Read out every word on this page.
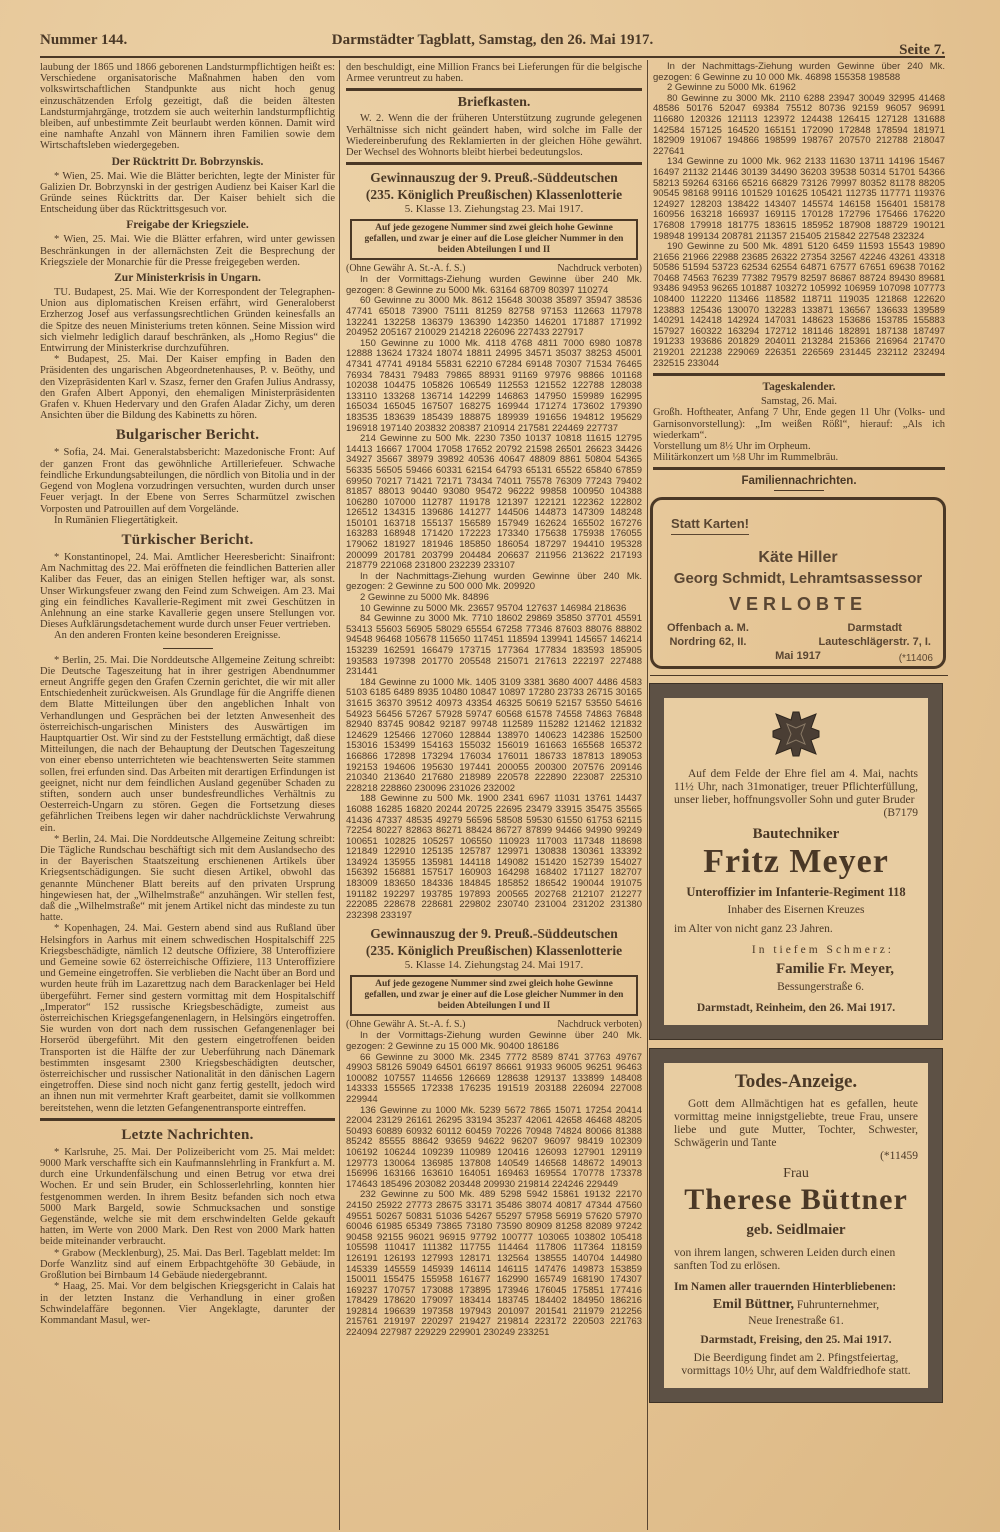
Nummer 144.	Darmstädter Tagblatt, Samstag, den 26. Mai 1917.
Seite 7.

laubung der 1865 und 1866 geborenen Landsturmpflichtigen heißt es: Verschiedene organisatorische Maßnahmen haben den vom volkswirtschaftlichen Standpunkte aus nicht hoch genug einzuschätzenden Erfolg gezeitigt, daß die beiden ältesten Landsturmjahrgänge, trotzdem sie auch weiterhin landsturmpflichtig bleiben, auf unbestimmte Zeit beurlaubt werden können. Damit wird eine namhafte Anzahl von Männern ihren Familien sowie dem Wirtschaftsleben wiedergegeben.

Der Rücktritt Dr. Bobrzynskis.

* Wien, 25. Mai. Wie die Blätter berichten, legte der Minister für Galizien Dr. Bobrzynski in der gestrigen Audienz bei Kaiser Karl die Gründe seines Rücktritts dar. Der Kaiser behielt sich die Entscheidung über das Rücktrittsgesuch vor.

Freigabe der Kriegsziele.

* Wien, 25. Mai. Wie die Blätter erfahren, wird unter gewissen Beschränkungen in der allernächsten Zeit die Besprechung der Kriegsziele der Monarchie für die Presse freigegeben werden.

Zur Ministerkrisis in Ungarn.

TU. Budapest, 25. Mai. Wie der Korrespondent der Telegraphen-Union aus diplomatischen Kreisen erfährt, wird Generaloberst Erzherzog Josef aus verfassungsrechtlichen Gründen keinesfalls an die Spitze des neuen Ministeriums treten können. Seine Mission wird sich vielmehr lediglich darauf beschränken, als „Homo Regius“ die Entwirrung der Ministerkrise durchzuführen.

* Budapest, 25. Mai. Der Kaiser empfing in Baden den Präsidenten des ungarischen Abgeordnetenhauses, P. v. Beöthy, und den Vizepräsidenten Karl v. Szasz, ferner den Grafen Julius Andrassy, den Grafen Albert Apponyi, den ehemaligen Ministerpräsidenten Grafen v. Khuen Hedervary und den Grafen Aladar Zichy, um deren Ansichten über die Bildung des Kabinetts zu hören.

Bulgarischer Bericht.

* Sofia, 24. Mai. Generalstabsbericht: Mazedonische Front: Auf der ganzen Front das gewöhnliche Artilleriefeuer. Schwache feindliche Erkundungsabteilungen, die nördlich von Bitolia und in der Gegend von Moglena vorzudringen versuchten, wurden durch unser Feuer verjagt. In der Ebene von Serres Scharmützel zwischen Vorposten und Patrouillen auf dem Vorgelände.

In Rumänien Fliegertätigkeit.

Türkischer Bericht.

* Konstantinopel, 24. Mai. Amtlicher Heeresbericht: Sinaifront: Am Nachmittag des 22. Mai eröffneten die feindlichen Batterien aller Kaliber das Feuer, das an einigen Stellen heftiger war, als sonst. Unser Wirkungsfeuer zwang den Feind zum Schweigen. Am 23. Mai ging ein feindliches Kavallerie-Regiment mit zwei Geschützen in Anlehnung an eine starke Kavallerie gegen unsere Stellungen vor. Dieses Aufklärungsdetachement wurde durch unser Feuer vertrieben.

An den anderen Fronten keine besonderen Ereignisse.

* Berlin, 25. Mai. Die Norddeutsche Allgemeine Zeitung schreibt: Die Deutsche Tageszeitung hat in ihrer gestrigen Abendnummer erneut Angriffe gegen den Grafen Czernin gerichtet, die wir mit aller Entschiedenheit zurückweisen. Als Grundlage für die Angriffe dienen dem Blatte Mitteilungen über den angeblichen Inhalt von Verhandlungen und Gesprächen bei der letzten Anwesenheit des österreichisch-ungarischen Ministers des Auswärtigen im Hauptquartier Ost. Wir sind zu der Feststellung ermächtigt, daß diese Mitteilungen, die nach der Behauptung der Deutschen Tageszeitung von einer ebenso unterrichteten wie beachtenswerten Seite stammen sollen, frei erfunden sind. Das Arbeiten mit derartigen Erfindungen ist geeignet, nicht nur dem feindlichen Ausland gegenüber Schaden zu stiften, sondern auch unser bundesfreundliches Verhältnis zu Oesterreich-Ungarn zu stören. Gegen die Fortsetzung dieses gefährlichen Treibens legen wir daher nachdrücklichste Verwahrung ein.

* Berlin, 24. Mai. Die Norddeutsche Allgemeine Zeitung schreibt: Die Tägliche Rundschau beschäftigt sich mit dem Auslandsecho des in der Bayerischen Staatszeitung erschienenen Artikels über Kriegsentschädigungen. Sie sucht diesen Artikel, obwohl das genannte Münchener Blatt bereits auf den privaten Ursprung hingewiesen hat, der „Wilhelmstraße“ anzuhängen. Wir stellen fest, daß die „Wilhelmstraße“ mit jenem Artikel nicht das mindeste zu tun hatte.

* Kopenhagen, 24. Mai. Gestern abend sind aus Rußland über Helsingfors in Aarhus mit einem schwedischen Hospitalschiff 225 Kriegsbeschädigte, nämlich 12 deutsche Offiziere, 38 Unteroffiziere und Gemeine sowie 62 österreichische Offiziere, 113 Unteroffiziere und Gemeine eingetroffen. Sie verblieben die Nacht über an Bord und wurden heute früh im Lazarettzug nach dem Barackenlager bei Held übergeführt. Ferner sind gestern vormittag mit dem Hospitalschiff „Imperator“ 152 russische Kriegsbeschädigte, zumeist aus österreichischen Kriegsgefangenenlagern, in Helsingörs eingetroffen. Sie wurden von dort nach dem russischen Gefangenenlager bei Horseröd übergeführt. Mit den gestern eingetroffenen beiden Transporten ist die Hälfte der zur Ueberführung nach Dänemark bestimmten insgesamt 2300 Kriegsbeschädigten deutscher, österreichischer und russischer Nationalität in den dänischen Lagern eingetroffen. Diese sind noch nicht ganz fertig gestellt, jedoch wird an ihnen nun mit vermehrter Kraft gearbeitet, damit sie vollkommen bereitstehen, wenn die letzten Gefangenentransporte eintreffen.

Letzte Nachrichten.

* Karlsruhe, 25. Mai. Der Polizeibericht vom 25. Mai meldet: 9000 Mark verschaffte sich ein Kaufmannslehrling in Frankfurt a. M. durch eine Urkundenfälschung und einen Betrug vor etwa drei Wochen. Er und sein Bruder, ein Schlosserlehrling, konnten hier festgenommen werden. In ihrem Besitz befanden sich noch etwa 5000 Mark Bargeld, sowie Schmucksachen und sonstige Gegenstände, welche sie mit dem erschwindelten Gelde gekauft hatten, im Werte von 2000 Mark. Den Rest von 2000 Mark hatten beide miteinander verbraucht.

* Grabow (Mecklenburg), 25. Mai. Das Berl. Tageblatt meldet: Im Dorfe Wanzlitz sind auf einem Erbpachtgehöfte 30 Gebäude, in Großlution bei Birnbaum 14 Gebäude niedergebrannt.

* Haag, 25. Mai. Vor dem belgischen Kriegsgericht in Calais hat in der letzten Instanz die Verhandlung in einer großen Schwindelaffäre begonnen. Vier Angeklagte, darunter der Kommandant Masul, wer-

den beschuldigt, eine Million Francs bei Lieferungen für die belgische Armee veruntreut zu haben.

Briefkasten.

W. 2. Wenn die der früheren Unterstützung zugrunde gelegenen Verhältnisse sich nicht geändert haben, wird solche im Falle der Wiedereinberufung des Reklamierten in der gleichen Höhe gewährt. Der Wechsel des Wohnorts bleibt hierbei bedeutungslos.

Gewinnauszug der 9. Preuß.-Süddeutschen
(235. Königlich Preußischen) Klassenlotterie
5. Klasse 13. Ziehungstag 23. Mai 1917.
Auf jede gezogene Nummer sind zwei gleich hohe Gewinne gefallen, und zwar je einer auf die Lose gleicher Nummer in den beiden Abteilungen I und II
(Ohne Gewähr A. St.-A. f. S.)	Nachdruck verboten)

In der Vormittags-Ziehung wurden Gewinne über 240 Mk. gezogen: 8 Gewinne zu 5000 Mk. 63164 68709 80397 110274

60 Gewinne zu 3000 Mk. 8612 15648 30038 35897 35947 38536 47741 65018 73900 75111 81259 82758 97153 112663 117978 132241 132258 136379 136390 142350 146201 171887 171992 204952 205167 210029 214218 226096 227433 227917

150 Gewinne zu 1000 Mk. 4118 4768 4811 7000 6980 10878 12888 13624 17324 18074 18811 24995 34571 35037 38253 45001 47341 47741 49184 55831 62210 67284 69148 70307 71534 76465 76934 78431 79483 79865 88931 91169 97976 98866 101168 102038 104475 105826 106549 112553 121552 122788 128038 133110 133268 136714 142299 146863 147950 159989 162995 165034 165045 167507 168275 169944 171274 173602 179390 183535 183639 185439 188875 189939 191656 194812 195629 196918 197140 203832 208387 210914 217581 224469 227737

214 Gewinne zu 500 Mk. 2230 7350 10137 10818 11615 12795 14413 16667 17004 17058 17652 20792 21598 26501 26623 34426 34927 35667 38979 39892 40536 40647 48809 8861 50804 54365 56335 56505 59466 60331 62154 64793 65131 65522 65840 67859 69950 70217 71421 72171 73434 74011 75578 76309 77243 79402 81857 88013 90440 93080 95472 96222 99858 100950 104388 106280 107000 112787 119178 121397 122121 122362 122802 126512 134315 139686 141277 144506 144873 147309 148248 150101 163718 155137 156589 157949 162624 165502 167276 163283 168948 171420 172223 173340 175638 175938 176055 179062 181927 181946 185850 186054 187297 194410 195328 200099 201781 203799 204484 206637 211956 213622 217193 218779 221068 231800 232239 233107

In der Nachmittags-Ziehung wurden Gewinne über 240 Mk. gezogen: 2 Gewinne zu 500 000 Mk. 209920

2 Gewinne zu 5000 Mk. 84896

10 Gewinne zu 5000 Mk. 23657 95704 127637 146984 218636

84 Gewinne zu 3000 Mk. 7710 18602 29869 35850 37701 45591 53413 55603 56905 58029 65554 67258 77346 87603 88076 88802 94548 96468 105678 115650 117451 118594 139941 145657 146214 153239 162591 166479 173715 177364 177834 183593 185905 193583 197398 201770 205548 215071 217613 222197 227488 231441

184 Gewinne zu 1000 Mk. 1405 3109 3381 3680 4007 4486 4583 5103 6185 6489 8935 10480 10847 10897 17280 23733 26715 30165 31615 36370 39512 40973 43354 46325 50619 52157 53550 54616 54923 56456 57267 57928 59747 60568 61578 74558 74863 76848 82940 83745 90842 92187 99748 112589 115282 121462 121832 124629 125466 127060 128844 138970 140623 142386 152500 153016 153499 154163 155032 156019 161663 165568 165372 166866 172898 173294 176034 176011 186733 187813 189053 192153 194606 195630 197441 200055 200300 207576 209146 210340 213640 217680 218989 220578 222890 223087 225310 228218 228860 230096 231026 232002

188 Gewinne zu 500 Mk. 1900 2341 6967 11031 13761 14437 16088 16285 16820 20244 20725 22695 23479 33915 35475 35565 41436 47337 48535 49279 56596 58508 59530 61550 61753 62115 72254 80227 82863 86271 88424 86727 87899 94466 94990 99249 100651 102825 105257 106550 110923 117003 117348 118698 121849 122910 125135 125787 129971 130838 130361 133392 134924 135955 135981 144118 149082 151420 152739 154027 156392 156881 157517 160903 164298 168402 171127 182707 183009 183650 184336 184845 185852 186542 190044 191075 191182 192297 193785 197893 200565 202768 212107 212277 222085 228678 228681 229802 230740 231004 231202 231380 232398 233197

Gewinnauszug der 9. Preuß.-Süddeutschen
(235. Königlich Preußischen) Klassenlotterie
5. Klasse 14. Ziehungstag 24. Mai 1917.
Auf jede gezogene Nummer sind zwei gleich hohe Gewinne gefallen, und zwar je einer auf die Lose gleicher Nummer in den beiden Abteilungen I und II
(Ohne Gewähr A. St.-A. f. S.)	Nachdruck verboten)

In der Vormittags-Ziehung wurden Gewinne über 240 Mk. gezogen: 2 Gewinne zu 15 000 Mk. 90400 186186

66 Gewinne zu 3000 Mk. 2345 7772 8589 8741 37763 49767 49903 58126 59049 64501 66197 86661 91933 96005 96251 96463 100082 107557 114656 126669 128638 129137 133899 148408 143333 155565 172338 176235 191519 203188 226094 227008 229944

136 Gewinne zu 1000 Mk. 5239 5672 7865 15071 17254 20414 22004 23129 26161 26295 33194 35237 42061 42658 46468 48205 50493 60889 60932 60112 60459 70226 70948 74824 80066 81388 85242 85555 88642 93659 94622 96207 96097 98419 102309 106192 106244 109239 110989 120416 126093 127901 129119 129773 130064 136985 137808 140549 146568 148672 149013 156996 163166 163610 164051 169463 169554 170778 173378 174643 185496 203082 203448 209930 219814 224246 229449

232 Gewinne zu 500 Mk. 489 5298 5942 15861 19132 22170 24150 25922 27773 28675 33171 35486 38074 40817 47344 47560 49551 50267 50831 51036 54267 55297 57958 56919 57620 57970 60046 61985 65349 73865 73180 73590 80909 81258 82089 97242 90458 92155 96021 96915 97792 100777 103065 103802 105418 105598 110417 111382 117755 114464 117806 117364 118159 126191 126193 127993 128171 132564 138555 140704 144980 145339 145559 145939 146114 146115 147476 149873 153859 150011 155475 155958 161677 162990 165749 168190 174307 169237 170757 173088 173895 173946 176045 175851 177416 178429 178620 179097 183414 183745 184402 184950 186216 192814 196639 197358 197943 201097 201541 211979 212256 215761 219197 220297 219427 219814 223172 220503 221763 224094 227987 229229 229901 230249 233251

In der Nachmittags-Ziehung wurden Gewinne über 240 Mk. gezogen: 6 Gewinne zu 10 000 Mk. 46898 155358 198588

2 Gewinne zu 5000 Mk. 61962

80 Gewinne zu 3000 Mk. 2110 6288 23947 30049 32995 41468 48586 50176 52047 69384 75512 80736 92159 96057 96991 116680 120326 121113 123972 124438 126415 127128 131688 142584 157125 164520 165151 172090 172848 178594 181971 182909 191067 194866 198599 198767 207570 212788 218047 227641

134 Gewinne zu 1000 Mk. 962 2133 11630 13711 14196 15467 16497 21132 21446 30139 34490 36203 39538 50314 51701 54366 58213 59264 63166 65216 66829 73126 79997 80352 81178 88205 90545 98168 99116 101529 101625 105421 112735 117771 119376 124927 128203 138422 143407 145574 146158 156401 158178 160956 163218 166937 169115 170128 172796 175466 176220 176808 179918 181775 183615 185952 187908 188729 190121 198948 199134 208781 211357 215405 215842 227548 232324

190 Gewinne zu 500 Mk. 4891 5120 6459 11593 15543 19890 21656 21966 22988 23685 26322 27354 32567 42246 43261 43318 50586 51594 53723 62534 62554 64871 67577 67651 69638 70162 70468 74563 76239 77382 79579 82597 86867 88724 89430 89681 93486 94953 96265 101887 103272 105992 106959 107098 107773 108400 112220 113466 118582 118711 119035 121868 122620 123883 125436 130070 132283 133871 136567 136633 139589 140291 142418 142924 147031 148623 153686 153785 155883 157927 160322 163294 172712 181146 182891 187138 187497 191233 193686 201829 204011 213284 215366 216964 217470 219201 221238 229069 226351 226569 231445 232112 232494 232515 233044

Tageskalender.
Samstag, 26. Mai.

Großh. Hoftheater, Anfang 7 Uhr, Ende gegen 11 Uhr (Volks- und Garnisonvorstellung): „Im weißen Rößl“, hierauf: „Als ich wiederkam“.

Vorstellung um 8½ Uhr im Orpheum.

Militärkonzert um ½8 Uhr im Rummelbräu.

Familiennachrichten.
Statt Karten!
Käte Hiller
Georg Schmidt, Lehramtsassessor
VERLOBTE
Offenbach a. M.
Nordring 62, II.
Darmstadt
Lauteschlägerstr. 7, I.
Mai 1917	(*11406

Auf dem Felde der Ehre fiel am 4. Mai, nachts 11½ Uhr, nach 31monatiger, treuer Pflichterfüllung, unser lieber, hoffnungsvoller Sohn und guter Bruder

(B7179
Bautechniker
Fritz Meyer
Unteroffizier im Infanterie-Regiment 118
Inhaber des Eisernen Kreuzes
im Alter von nicht ganz 23 Jahren.
In tiefem Schmerz:
Familie Fr. Meyer,
Bessungerstraße 6.
Darmstadt, Reinheim, den 26. Mai 1917.
Todes-Anzeige.

Gott dem Allmächtigen hat es gefallen, heute vormittag meine innigstgeliebte, treue Frau, unsere liebe und gute Mutter, Tochter, Schwester, Schwägerin und Tante

(*11459
Frau
Therese Büttner
geb. Seidlmaier

von ihrem langen, schweren Leiden durch einen sanften Tod zu erlösen.

Im Namen aller trauernden Hinterbliebenen:
Emil Büttner, Fuhrunternehmer,
Neue Irenestraße 61.
Darmstadt, Freising, den 25. Mai 1917.

Die Beerdigung findet am 2. Pfingstfeiertag, vormittags 10½ Uhr, auf dem Waldfriedhofe statt.
